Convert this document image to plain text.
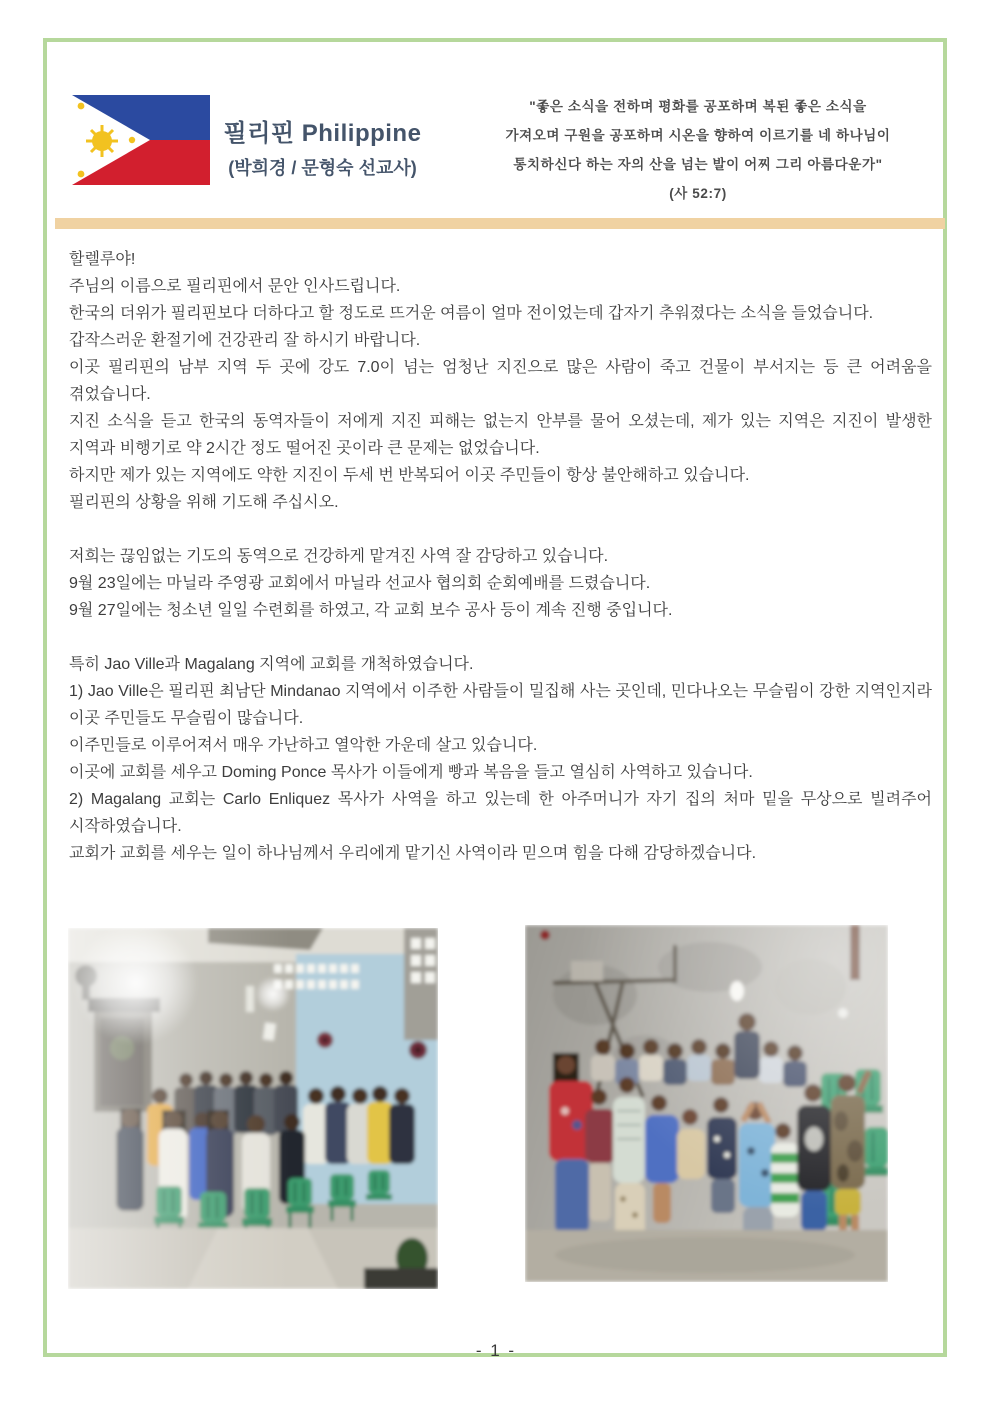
필리핀 Philippine
(박희경 / 문형숙 선교사)
"좋은 소식을 전하며 평화를 공포하며 복된 좋은 소식을
가져오며 구원을 공포하며 시온을 향하여 이르기를 네 하나님이
통치하신다 하는 자의 산을 넘는 발이 어찌 그리 아름다운가"
(사 52:7)

할렐루야!

주님의 이름으로 필리핀에서 문안 인사드립니다.

한국의 더위가 필리핀보다 더하다고 할 정도로 뜨거운 여름이 얼마 전이었는데 갑자기 추워졌다는 소식을 들었습니다.

갑작스러운 환절기에 건강관리 잘 하시기 바랍니다.

이곳 필리핀의 남부 지역 두 곳에 강도 7.0이 넘는 엄청난 지진으로 많은 사람이 죽고 건물이 부서지는 등 큰 어려움을 겪었습니다.

지진 소식을 듣고 한국의 동역자들이 저에게 지진 피해는 없는지 안부를 물어 오셨는데, 제가 있는 지역은 지진이 발생한 지역과 비행기로 약 2시간 정도 떨어진 곳이라 큰 문제는 없었습니다.

하지만 제가 있는 지역에도 약한 지진이 두세 번 반복되어 이곳 주민들이 항상 불안해하고 있습니다.

필리핀의 상황을 위해 기도해 주십시오.

저희는 끊임없는 기도의 동역으로 건강하게 맡겨진 사역 잘 감당하고 있습니다.

9월 23일에는 마닐라 주영광 교회에서 마닐라 선교사 협의회 순회예배를 드렸습니다.

9월 27일에는 청소년 일일 수련회를 하였고, 각 교회 보수 공사 등이 계속 진행 중입니다.

특히 Jao Ville과 Magalang 지역에 교회를 개척하였습니다.

1) Jao Ville은 필리핀 최남단 Mindanao 지역에서 이주한 사람들이 밀집해 사는 곳인데, 민다나오는 무슬림이 강한 지역인지라 이곳 주민들도 무슬림이 많습니다.

이주민들로 이루어져서 매우 가난하고 열악한 가운데 살고 있습니다.

이곳에 교회를 세우고 Doming Ponce 목사가 이들에게 빵과 복음을 들고 열심히 사역하고 있습니다.

2) Magalang 교회는 Carlo Enliquez 목사가 사역을 하고 있는데 한 아주머니가 자기 집의 처마 밑을 무상으로 빌려주어 시작하였습니다.

교회가 교회를 세우는 일이 하나님께서 우리에게 맡기신 사역이라 믿으며 힘을 다해 감당하겠습니다.

- 1 -
